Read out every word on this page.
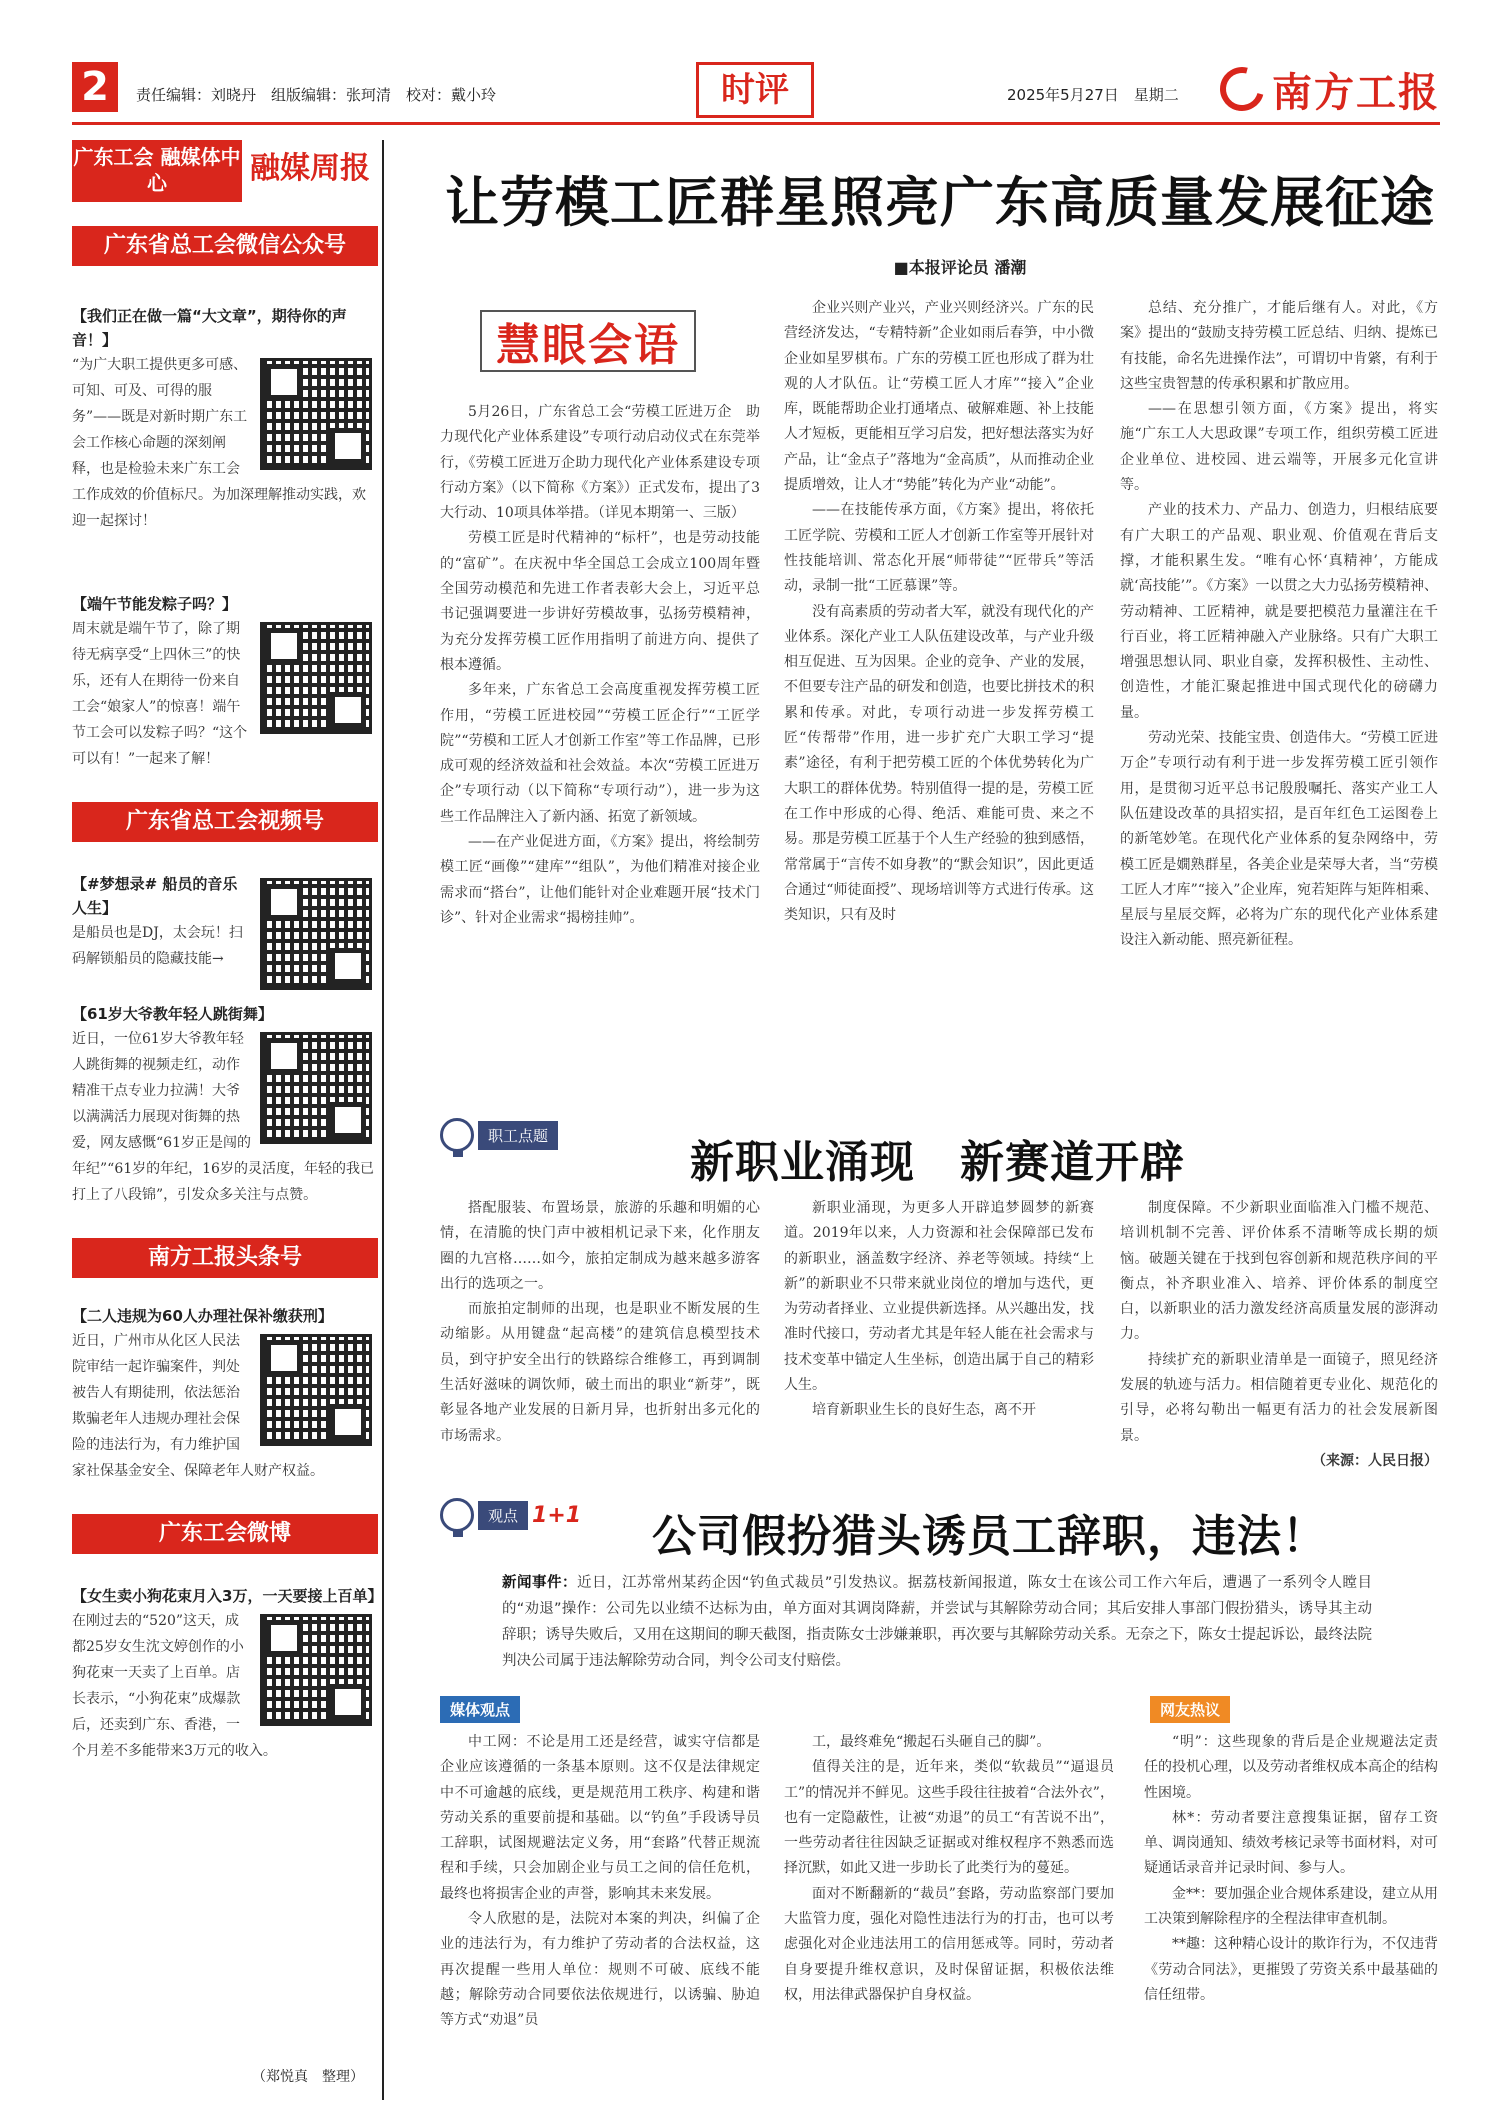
2	责任编辑：刘晓丹　组版编辑：张珂清　校对：戴小玲	时评	2025年5月27日　星期二 南方工报
广东工会 融媒体中心	融媒周报
广东省总工会微信公众号
【我们正在做一篇“大文章”，期待你的声音！】
“为广大职工提供更多可感、可知、可及、可得的服务”——既是对新时期广东工会工作核心命题的深刻阐释，也是检验未来广东工会工作成效的价值标尺。为加深理解推动实践，欢迎一起探讨！
【端午节能发粽子吗？】
周末就是端午节了，除了期待无病享受“上四休三”的快乐，还有人在期待一份来自工会“娘家人”的惊喜！端午节工会可以发粽子吗？“这个可以有！”一起来了解！
广东省总工会视频号
【#梦想录# 船员的音乐人生】
是船员也是DJ，太会玩！扫码解锁船员的隐藏技能→
【61岁大爷教年轻人跳街舞】
近日，一位61岁大爷教年轻人跳街舞的视频走红，动作精准干点专业力拉满！大爷以满满活力展现对街舞的热爱，网友感慨“61岁正是闯的年纪”“61岁的年纪，16岁的灵活度，年轻的我已打上了八段锦”，引发众多关注与点赞。
南方工报头条号
【二人违规为60人办理社保补缴获刑】
近日，广州市从化区人民法院审结一起诈骗案件，判处被告人有期徒刑，依法惩治欺骗老年人违规办理社会保险的违法行为，有力维护国家社保基金安全、保障老年人财产权益。
广东工会微博
【女生卖小狗花束月入3万，一天要接上百单】
在刚过去的“520”这天，成都25岁女生沈文婷创作的小狗花束一天卖了上百单。店长表示，“小狗花束”成爆款后，还卖到广东、香港，一个月差不多能带来3万元的收入。
（郑悦真　整理）
让劳模工匠群星照亮广东高质量发展征途
■本报评论员 潘潮
慧眼会语

5月26日，广东省总工会“劳模工匠进万企　助力现代化产业体系建设”专项行动启动仪式在东莞举行，《劳模工匠进万企助力现代化产业体系建设专项行动方案》（以下简称《方案》）正式发布，提出了3大行动、10项具体举措。（详见本期第一、三版）

劳模工匠是时代精神的“标杆”，也是劳动技能的“富矿”。在庆祝中华全国总工会成立100周年暨全国劳动模范和先进工作者表彰大会上，习近平总书记强调要进一步讲好劳模故事，弘扬劳模精神，为充分发挥劳模工匠作用指明了前进方向、提供了根本遵循。

多年来，广东省总工会高度重视发挥劳模工匠作用，“劳模工匠进校园”“劳模工匠企行”“工匠学院”“劳模和工匠人才创新工作室”等工作品牌，已形成可观的经济效益和社会效益。本次“劳模工匠进万企”专项行动（以下简称“专项行动”），进一步为这些工作品牌注入了新内涵、拓宽了新领域。

——在产业促进方面，《方案》提出，将绘制劳模工匠“画像”“建库”“组队”，为他们精准对接企业需求而“搭台”，让他们能针对企业难题开展“技术门诊”、针对企业需求“揭榜挂帅”。

企业兴则产业兴，产业兴则经济兴。广东的民营经济发达，“专精特新”企业如雨后春笋，中小微企业如星罗棋布。广东的劳模工匠也形成了群为壮观的人才队伍。让“劳模工匠人才库”“接入”企业库，既能帮助企业打通堵点、破解难题、补上技能人才短板，更能相互学习启发，把好想法落实为好产品，让“金点子”落地为“金高质”，从而推动企业提质增效，让人才“势能”转化为产业“动能”。

——在技能传承方面，《方案》提出，将依托工匠学院、劳模和工匠人才创新工作室等开展针对性技能培训、常态化开展“师带徒”“匠带兵”等活动，录制一批“工匠慕课”等。

没有高素质的劳动者大军，就没有现代化的产业体系。深化产业工人队伍建设改革，与产业升级相互促进、互为因果。企业的竞争、产业的发展，不但要专注产品的研发和创造，也要比拼技术的积累和传承。对此，专项行动进一步发挥劳模工匠“传帮带”作用，进一步扩充广大职工学习“提素”途径，有利于把劳模工匠的个体优势转化为广大职工的群体优势。特别值得一提的是，劳模工匠在工作中形成的心得、绝活、难能可贵、来之不易。那是劳模工匠基于个人生产经验的独到感悟，常常属于“言传不如身教”的“默会知识”，因此更适合通过“师徒面授”、现场培训等方式进行传承。这类知识，只有及时

总结、充分推广，才能后继有人。对此，《方案》提出的“鼓励支持劳模工匠总结、归纳、提炼已有技能，命名先进操作法”，可谓切中肯綮，有利于这些宝贵智慧的传承积累和扩散应用。

——在思想引领方面，《方案》提出，将实施“广东工人大思政课”专项工作，组织劳模工匠进企业单位、进校园、进云端等，开展多元化宣讲等。

产业的技术力、产品力、创造力，归根结底要有广大职工的产品观、职业观、价值观在背后支撑，才能积累生发。“唯有心怀‘真精神’，方能成就‘高技能’”。《方案》一以贯之大力弘扬劳模精神、劳动精神、工匠精神，就是要把模范力量灌注在千行百业，将工匠精神融入产业脉络。只有广大职工增强思想认同、职业自豪，发挥积极性、主动性、创造性，才能汇聚起推进中国式现代化的磅礴力量。

劳动光荣、技能宝贵、创造伟大。“劳模工匠进万企”专项行动有利于进一步发挥劳模工匠引领作用，是贯彻习近平总书记殷殷嘱托、落实产业工人队伍建设改革的具招实招，是百年红色工运图卷上的新笔妙笔。在现代化产业体系的复杂网络中，劳模工匠是嫺熟群星，各美企业是荣辱大者，当“劳模工匠人才库”“接入”企业库，宛若矩阵与矩阵相乘、星辰与星辰交辉，必将为广东的现代化产业体系建设注入新动能、照亮新征程。

职工点题
新职业涌现　新赛道开辟

搭配服装、布置场景，旅游的乐趣和明媚的心情，在清脆的快门声中被相机记录下来，化作朋友圈的九宫格……如今，旅拍定制成为越来越多游客出行的选项之一。

而旅拍定制师的出现，也是职业不断发展的生动缩影。从用键盘“起高楼”的建筑信息模型技术员，到守护安全出行的铁路综合维修工，再到调制生活好滋味的调饮师，破土而出的职业“新芽”，既彰显各地产业发展的日新月异，也折射出多元化的市场需求。

新职业涌现，为更多人开辟追梦圆梦的新赛道。2019年以来，人力资源和社会保障部已发布的新职业，涵盖数字经济、养老等领域。持续“上新”的新职业不只带来就业岗位的增加与迭代，更为劳动者择业、立业提供新选择。从兴趣出发，找准时代接口，劳动者尤其是年轻人能在社会需求与技术变革中锚定人生坐标，创造出属于自己的精彩人生。

培育新职业生长的良好生态，离不开

制度保障。不少新职业面临准入门槛不规范、培训机制不完善、评价体系不清晰等成长期的烦恼。破题关键在于找到包容创新和规范秩序间的平衡点，补齐职业准入、培养、评价体系的制度空白，以新职业的活力激发经济高质量发展的澎湃动力。

持续扩充的新职业清单是一面镜子，照见经济发展的轨迹与活力。相信随着更专业化、规范化的引导，必将勾勒出一幅更有活力的社会发展新图景。

（来源：人民日报）

观点 1+1 公司假扮猎头诱员工辞职，违法！
新闻事件：近日，江苏常州某药企因“钓鱼式裁员”引发热议。据荔枝新闻报道，陈女士在该公司工作六年后，遭遇了一系列令人瞠目的“劝退”操作：公司先以业绩不达标为由，单方面对其调岗降薪，并尝试与其解除劳动合同；其后安排人事部门假扮猎头，诱导其主动辞职；诱导失败后，又用在这期间的聊天截图，指责陈女士涉嫌兼职，再次要与其解除劳动关系。无奈之下，陈女士提起诉讼，最终法院判决公司属于违法解除劳动合同，判令公司支付赔偿。
媒体观点	网友热议

中工网：不论是用工还是经营，诚实守信都是企业应该遵循的一条基本原则。这不仅是法律规定中不可逾越的底线，更是规范用工秩序、构建和谐劳动关系的重要前提和基础。以“钓鱼”手段诱导员工辞职，试图规避法定义务，用“套路”代替正规流程和手续，只会加剧企业与员工之间的信任危机，最终也将损害企业的声誉，影响其未来发展。

令人欣慰的是，法院对本案的判决，纠偏了企业的违法行为，有力维护了劳动者的合法权益，这再次提醒一些用人单位：规则不可破、底线不能越；解除劳动合同要依法依规进行，以诱骗、胁迫等方式“劝退”员

工，最终难免“搬起石头砸自己的脚”。

值得关注的是，近年来，类似“软裁员”“逼退员工”的情况并不鲜见。这些手段往往披着“合法外衣”，也有一定隐蔽性，让被“劝退”的员工“有苦说不出”，一些劳动者往往因缺乏证据或对维权程序不熟悉而选择沉默，如此又进一步助长了此类行为的蔓延。

面对不断翻新的“裁员”套路，劳动监察部门要加大监管力度，强化对隐性违法行为的打击，也可以考虑强化对企业违法用工的信用惩戒等。同时，劳动者自身要提升维权意识，及时保留证据，积极依法维权，用法律武器保护自身权益。

“明”：这些现象的背后是企业规避法定责任的投机心理，以及劳动者维权成本高企的结构性困境。

林*：劳动者要注意搜集证据，留存工资单、调岗通知、绩效考核记录等书面材料，对可疑通话录音并记录时间、参与人。

金**：要加强企业合规体系建设，建立从用工决策到解除程序的全程法律审查机制。

**趣：这种精心设计的欺诈行为，不仅违背《劳动合同法》，更摧毁了劳资关系中最基础的信任纽带。
